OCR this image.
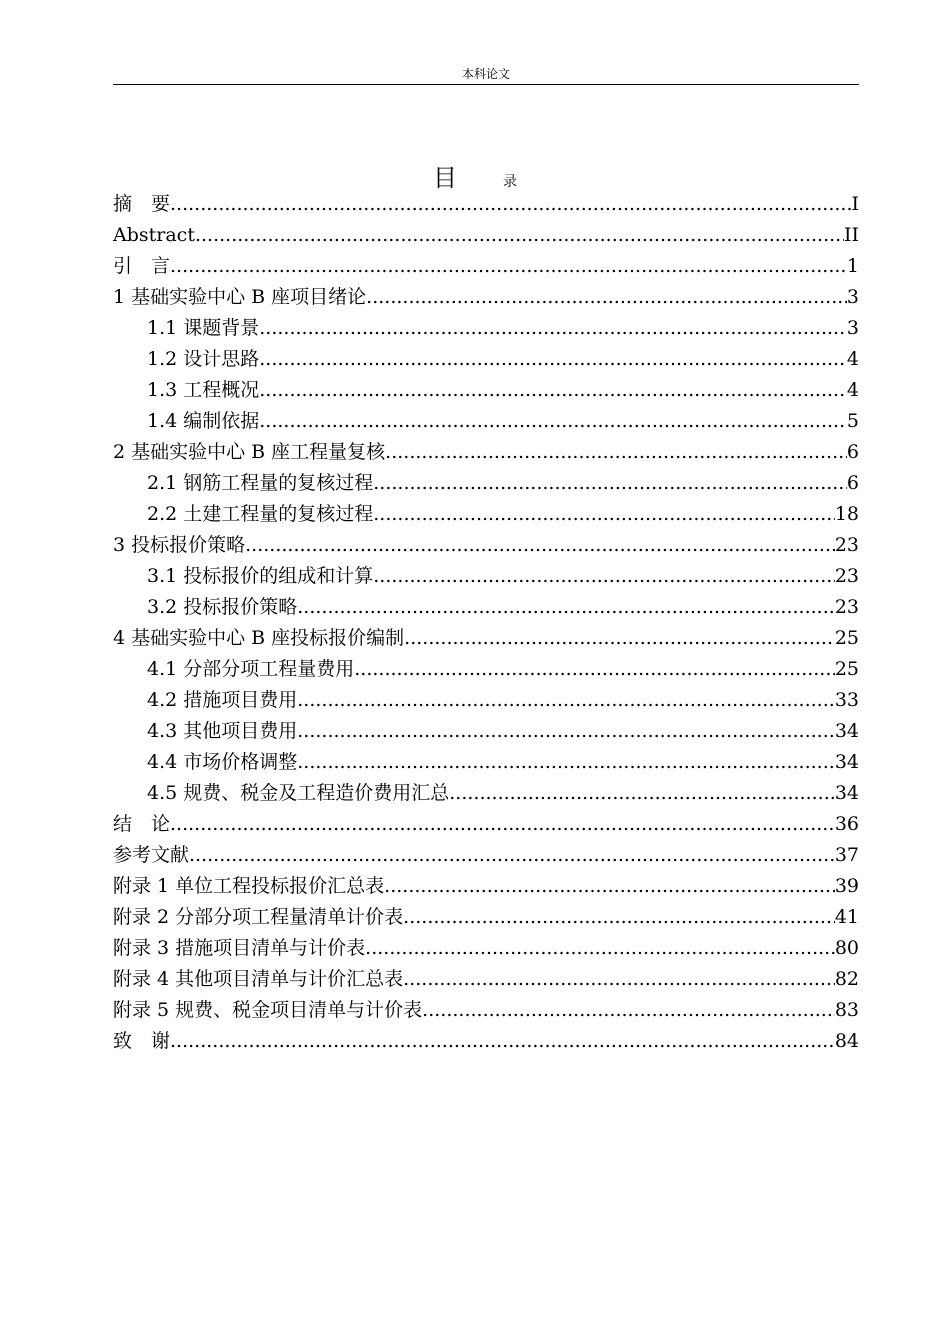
本科论文
目	录
摘　要 .....	I
Abstract .....	II
引　言 .....	1
1 基础实验中心 B 座项目绪论 .....	3
1.1 课题背景 .....	3
1.2 设计思路 .....	4
1.3 工程概况 .....	4
1.4 编制依据 .....	5
2 基础实验中心 B 座工程量复核 .....	6
2.1 钢筋工程量的复核过程 .....	6
2.2 土建工程量的复核过程 .....	18
3 投标报价策略 .....	23
3.1 投标报价的组成和计算 .....	23
3.2 投标报价策略 .....	23
4 基础实验中心 B 座投标报价编制 .....	25
4.1 分部分项工程量费用 .....	25
4.2 措施项目费用 .....	33
4.3 其他项目费用 .....	34
4.4 市场价格调整 .....	34
4.5 规费、税金及工程造价费用汇总 .....	34
结　论 .....	36
参考文献 .....	37
附录 1 单位工程投标报价汇总表 .....	39
附录 2 分部分项工程量清单计价表 .....	41
附录 3 措施项目清单与计价表 .....	80
附录 4 其他项目清单与计价汇总表 .....	82
附录 5 规费、税金项目清单与计价表 .....	83
致　谢 .....	84
